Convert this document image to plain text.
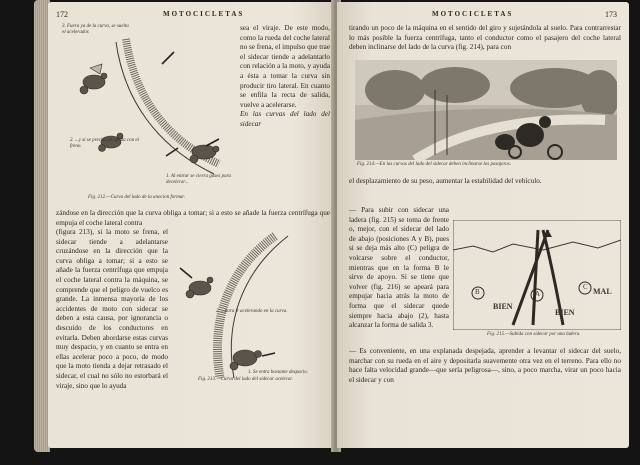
172	MOTOCICLETAS
3. Fuera ya de la curva, se suelta el acelerador.
2. ...y sí se precisa se ayuda con el freno.
1. Al entrar se cierra gases para decelerar...
Fig. 212.—Curva del lado de la anocion formar.

sea el viraje. De este modo, como la rueda del coche lateral no se frena, el impulso que trae el sidecar tiende a adelantarlo con relación a la moto, y ayuda a ésta a tomar la curva sin producir tiro lateral. En cuanto se enfila la recta de salida, vuelve a acelerarse.

En las curvas del lado del sidecar

zándose en la dirección que la curva obliga a tomar; si a esto se añade la fuerza centrífuga que empuja el coche lateral contra

(figura 213), si la moto se frena, el sidecar tiende a adelantarse cruzándose en la dirección que la curva obliga a tomar; si a esto se añade la fuerza centrífuga que empuja el coche lateral contra la máquina, se comprende que el peligro de vuelco es grande. La inmensa mayoría de los accidentes de moto con sidecar se deben a esta causa, por ignorancia o descuido de los conductores en evitarla. Deben abordarse estas curvas muy despacio, y en cuanto se entra en ellas acelerar poco a poco, de modo que la moto tienda a dejar retrasado el sidecar, el cual no sólo no estorbará el viraje, sino que lo ayuda

2. ...para ir acelerando en la curva.
1. Se entra bastante despacio.
Fig. 213.—Curva del lado del sidecar acelerar.
MOTOCICLETAS	173
tirando un poco de la máquina en el sentido del giro y sujetándola al suelo. Para contrarrestar lo más posible la fuerza centrífuga, tanto el conductor como el pasajero del coche lateral deben inclinarse del lado de la curva (fig. 214), para con
Fig. 214.—En las curvas del lado del sidecar deben inclinarse los pasajeros.
el desplazamiento de su peso, aumentar la estabilidad del vehículo.
— Para subir con sidecar una ladera (fig. 215) se toma de frente o, mejor, con el sidecar del lado de abajo (posiciones A y B), pues si se deja más alto (C) peligra de volcarse sobre el conductor, mientras que en la forma B le sirve de apoyo. Si se tiene que volver (fig. 216) se apeará para empujar hacia atrás la moto de forma que el sidecar quede siempre hacia abajo (2), hasta alcanzar la forma de salida 3.
B	A
C
BIEN
BIEN
MAL
Fig. 215.—Subida con sidecar por una ladera.
— Es conveniente, en una explanada despejada, aprender a levantar el sidecar del suelo, marchar con su rueda en el aire y depositarla suavemente otra vez en el terreno. Para ello no hace falta velocidad grande—que sería peligrosa—, sino, a poco marcha, virar un poco hacia el sidecar y con
